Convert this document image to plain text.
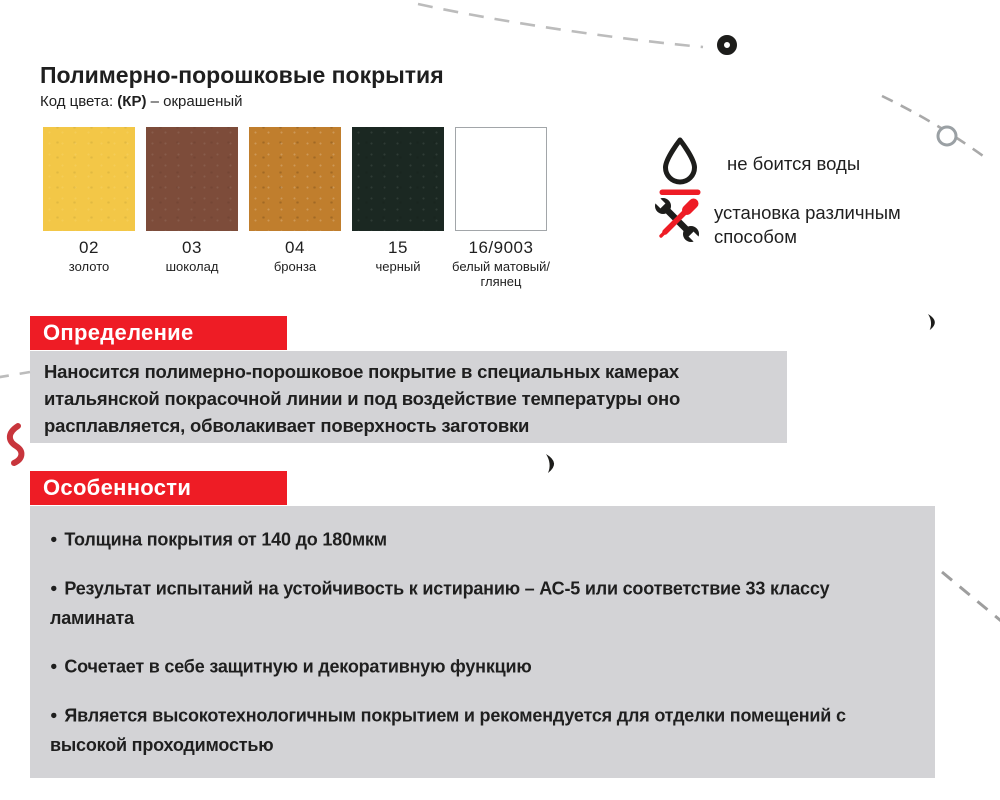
Полимерно-порошковые покрытия
Код цвета: (КР) – окрашеный
02
золото
03
шоколад
04
бронза
15
черный
16/9003
белый матовый/глянец
не боится воды
установка различным способом
Определение
Наносится полимерно-порошковое покрытие в специальных камерах итальянской покрасочной линии и под воздействие температуры оно расплавляется, обволакивает поверхность заготовки
Особенности

● Толщина покрытия от 140 до 180мкм

● Результат испытаний на устойчивость к истиранию – АС-5 или соответствие 33 классу ламината

● Сочетает в себе защитную и декоративную функцию

● Является высокотехнологичным покрытием и рекомендуется для отделки помещений с высокой проходимостью
